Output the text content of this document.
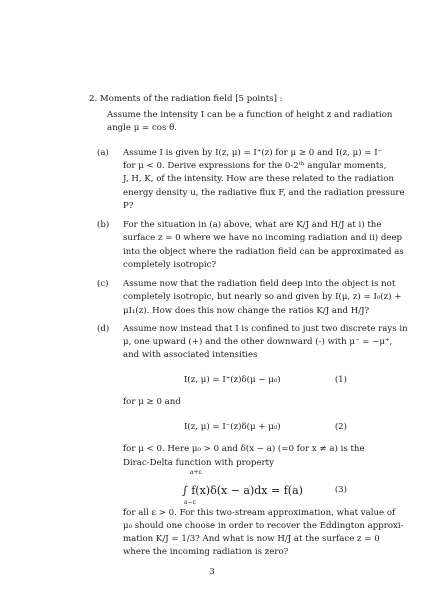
2. Moments of the radiation field [5 points] :
Assume the intensity I can be a function of height z and radiation
angle μ = cos θ.
(a) Assume I is given by I(z, μ) = I⁺(z) for μ ≥ 0 and I(z, μ) = I⁻
for μ < 0. Derive expressions for the 0-2ᵗʰ angular moments,
J, H, K, of the intensity. How are these related to the radiation
energy density u, the radiative flux F, and the radiation pressure
P?
(b) For the situation in (a) above, what are K/J and H/J at i) the
surface z = 0 where we have no incoming radiation and ii) deep
into the object where the radiation field can be approximated as
completely isotropic?
(c) Assume now that the radiation field deep into the object is not
completely isotropic, but nearly so and given by I(μ, z) = I₀(z) +
μI₁(z). How does this now change the ratios K/J and H/J?
(d) Assume now instead that I is confined to just two discrete rays in
μ, one upward (+) and the other downward (-) with μ⁻ = −μ⁺,
and with associated intensities
I(z, μ) = I⁺(z)δ(μ − μ₀)	(1)
for μ ≥ 0 and
I(z, μ) = I⁻(z)δ(μ + μ₀)	(2)
for μ < 0. Here μ₀ > 0 and δ(x − a) (=0 for x ≠ a) is the
Dirac-Delta function with property
a+ε
∫ f(x)δ(x − a)dx = f(a)
a−ε
(3)
for all ε > 0. For this two-stream approximation, what value of
μ₀ should one choose in order to recover the Eddington approxi-
mation K/J = 1/3? And what is now H/J at the surface z = 0
where the incoming radiation is zero?
3
